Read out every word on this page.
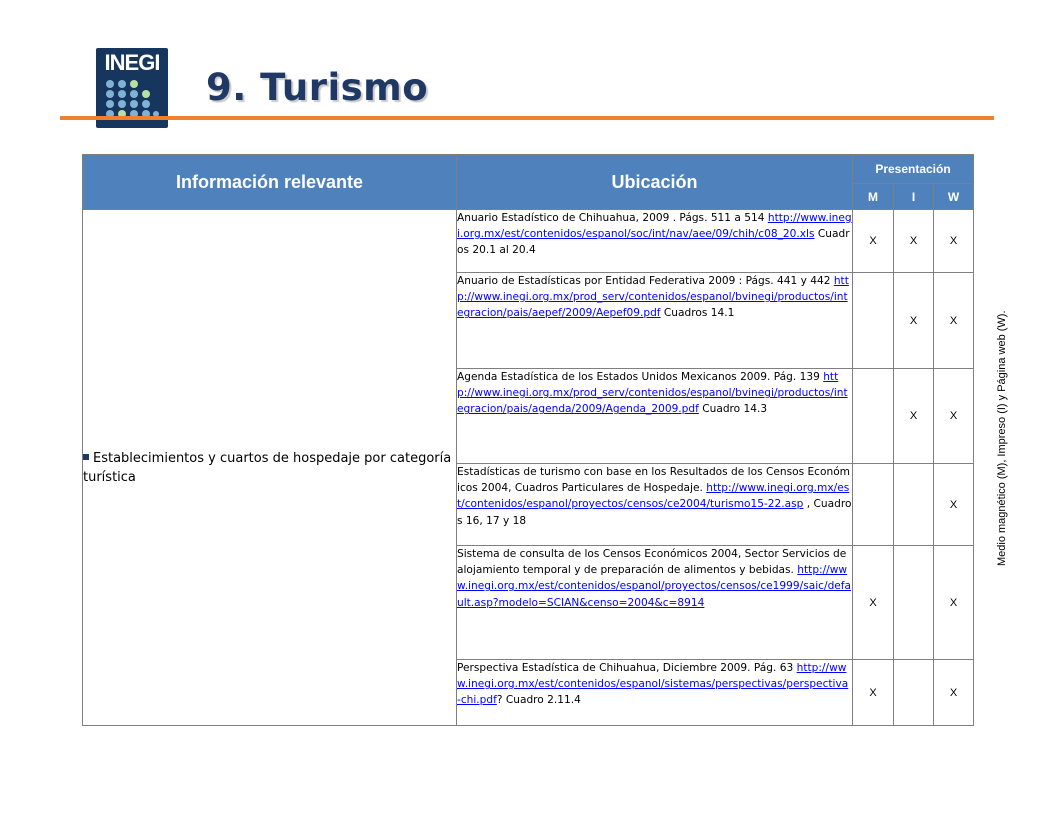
INEGI
9. Turismo
Información relevante	Ubicación	Presentación		
		M	I	W

Establecimientos y cuartos de hospedaje por categoría turística	Anuario Estadístico de Chihuahua, 2009 . Págs. 511 a 514 http://www.inegi.org.mx/est/contenidos/espanol/soc/int/nav/aee/09/chih/c08_20.xls Cuadros 20.1 al 20.4	X	X	X
	Anuario de Estadísticas por Entidad Federativa 2009 : Págs. 441 y 442 http://www.inegi.org.mx/prod_serv/contenidos/espanol/bvinegi/productos/integracion/pais/aepef/2009/Aepef09.pdf Cuadros 14.1		X	X
	Agenda Estadística de los Estados Unidos Mexicanos 2009. Pág. 139 http://www.inegi.org.mx/prod_serv/contenidos/espanol/bvinegi/productos/integracion/pais/agenda/2009/Agenda_2009.pdf Cuadro 14.3		X	X
	Estadísticas de turismo con base en los Resultados de los Censos Económicos 2004, Cuadros Particulares de Hospedaje. http://www.inegi.org.mx/est/contenidos/espanol/proyectos/censos/ce2004/turismo15-22.asp , Cuadros 16, 17 y 18			X
	Sistema de consulta de los Censos Económicos 2004, Sector Servicios de alojamiento temporal y de preparación de alimentos y bebidas. http://www.inegi.org.mx/est/contenidos/espanol/proyectos/censos/ce1999/saic/default.asp?modelo=SCIAN&censo=2004&c=8914	X		X
	Perspectiva Estadística de Chihuahua, Diciembre 2009. Pág. 63 http://www.inegi.org.mx/est/contenidos/espanol/sistemas/perspectivas/perspectiva-chi.pdf? Cuadro 2.11.4	X		X
Medio magnético (M), Impreso (I) y Página web (W).
